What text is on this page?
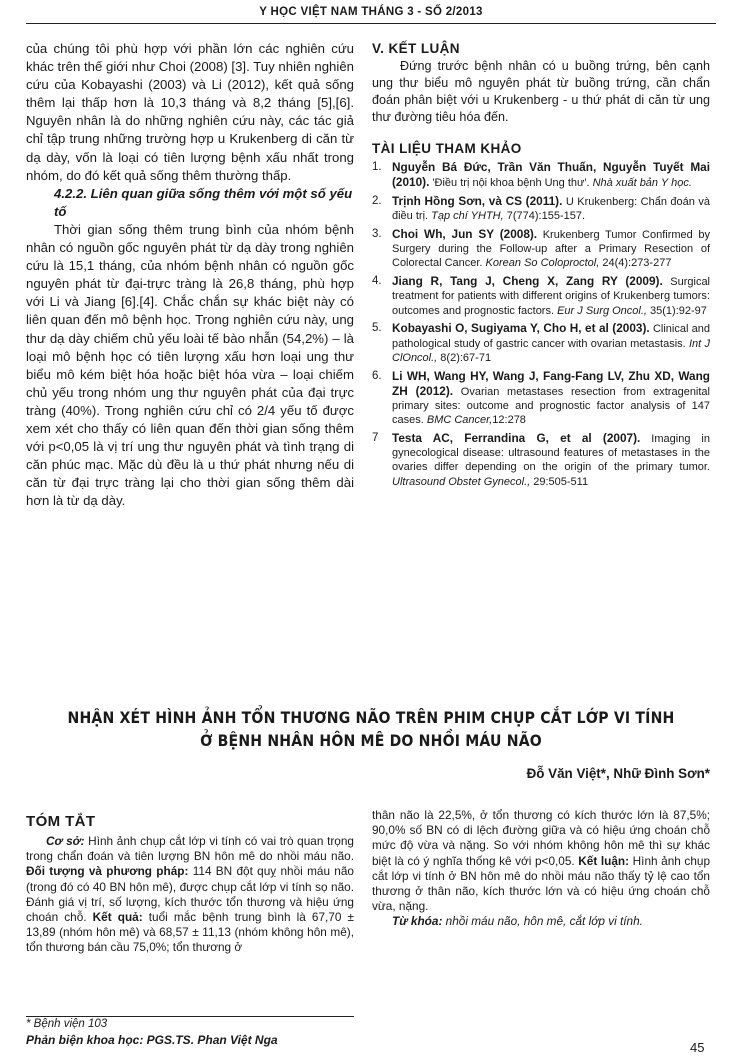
Y HỌC VIỆT NAM THÁNG 3 - SỐ 2/2013

của chúng tôi phù hợp với phần lớn các nghiên cứu khác trên thế giới như Choi (2008) [3]. Tuy nhiên nghiên cứu của Kobayashi (2003) và Li (2012), kết quả sống thêm lại thấp hơn là 10,3 tháng và 8,2 tháng [5],[6]. Nguyên nhân là do những nghiên cứu này, các tác giả chỉ tập trung những trường hợp u Krukenberg di căn từ dạ dày, vốn là loại có tiên lượng bệnh xấu nhất trong nhóm, do đó kết quả sống thêm thường thấp.

4.2.2. Liên quan giữa sống thêm với một số yếu tố

Thời gian sống thêm trung bình của nhóm bệnh nhân có nguồn gốc nguyên phát từ dạ dày trong nghiên cứu là 15,1 tháng, của nhóm bệnh nhân có nguồn gốc nguyên phát từ đại-trực tràng là 26,8 tháng, phù hợp với Li và Jiang [6].[4]. Chắc chắn sự khác biệt này có liên quan đến mô bệnh học. Trong nghiên cứu này, ung thư dạ dày chiếm chủ yếu loài tế bào nhẫn (54,2%) – là loại mô bệnh học có tiên lượng xấu hơn loại ung thư biểu mô kém biệt hóa hoặc biệt hóa vừa – loại chiếm chủ yếu trong nhóm ung thư nguyên phát của đại trực tràng (40%). Trong nghiên cứu chỉ có 2/4 yếu tố được xem xét cho thấy có liên quan đến thời gian sống thêm với p<0,05 là vị trí ung thư nguyên phát và tình trạng di căn phúc mạc. Mặc dù đều là u thứ phát nhưng nếu di căn từ đại trực tràng lại cho thời gian sống thêm dài hơn là từ dạ dày.

V. KẾT LUẬN

Đứng trước bệnh nhân có u buồng trứng, bên cạnh ung thư biểu mô nguyên phát từ buồng trứng, cần chẩn đoán phân biệt với u Krukenberg - u thứ phát di căn từ ung thư đường tiêu hóa đến.

TÀI LIỆU THAM KHẢO
1. Nguyễn Bá Đức, Trần Văn Thuấn, Nguyễn Tuyết Mai (2010). 'Điều trị nội khoa bệnh Ung thư'. Nhà xuất bản Y học.
2. Trịnh Hồng Sơn, và CS (2011). U Krukenberg: Chẩn đoán và điều trị. Tạp chí YHTH, 7(774):155-157.
3. Choi Wh, Jun SY (2008). Krukenberg Tumor Confirmed by Surgery during the Follow-up after a Primary Resection of Colorectal Cancer. Korean So Coloproctol, 24(4):273-277
4. Jiang R, Tang J, Cheng X, Zang RY (2009). Surgical treatment for patients with different origins of Krukenberg tumors: outcomes and prognostic factors. Eur J Surg Oncol., 35(1):92-97
5. Kobayashi O, Sugiyama Y, Cho H, et al (2003). Clinical and pathological study of gastric cancer with ovarian metastasis. Int J ClOncol., 8(2):67-71
6. Li WH, Wang HY, Wang J, Fang-Fang LV, Zhu XD, Wang ZH (2012). Ovarian metastases resection from extragenital primary sites: outcome and prognostic factor analysis of 147 cases. BMC Cancer,12:278
7	Testa AC, Ferrandina G, et al (2007). Imaging in gynecological disease: ultrasound features of metastases in the ovaries differ depending on the origin of the primary tumor. Ultrasound Obstet Gynecol., 29:505-511
NHẬN XÉT HÌNH ẢNH TỔN THƯƠNG NÃO TRÊN PHIM CHỤP CẮT LỚP VI TÍNH
Ở BỆNH NHÂN HÔN MÊ DO NHỒI MÁU NÃO
Đỗ Văn Việt*, Nhữ Đình Sơn*
TÓM TẮT

Cơ sở: Hình ảnh chụp cắt lớp vi tính có vai trò quan trọng trong chẩn đoán và tiên lượng BN hôn mê do nhồi máu não. Đối tượng và phương pháp: 114 BN đột quỵ nhồi máu não (trong đó có 40 BN hôn mê), được chụp cắt lớp vi tính sọ não. Đánh giá vị trí, số lượng, kích thước tổn thương và hiệu ứng choán chỗ. Kết quả: tuổi mắc bệnh trung bình là 67,70 ± 13,89 (nhóm hôn mê) và 68,57 ± 11,13 (nhóm không hôn mê), tổn thương bán cầu 75,0%; tổn thương ở

thân não là 22,5%, ở tổn thương có kích thước lớn là 87,5%; 90,0% số BN có di lệch đường giữa và có hiệu ứng choán chỗ mức độ vừa và nặng. So với nhóm không hôn mê thì sự khác biệt là có ý nghĩa thống kê với p<0,05. Kết luận: Hình ảnh chụp cắt lớp vi tính ở BN hôn mê do nhồi máu não thấy tỷ lệ cao tổn thương ở thân não, kích thước lớn và có hiệu ứng choán chỗ vừa, nặng.

Từ khóa: nhồi máu não, hôn mê, cắt lớp vi tính.

* Bệnh viện 103
Phản biện khoa học: PGS.TS. Phan Việt Nga	45
